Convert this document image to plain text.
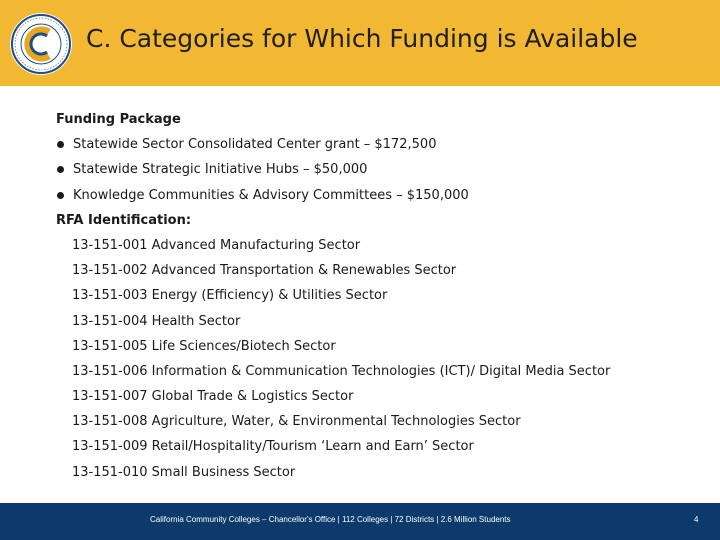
C. Categories for Which Funding is Available
Funding Package
Statewide Sector Consolidated Center grant – $172,500
Statewide Strategic Initiative Hubs – $50,000
Knowledge Communities & Advisory Committees – $150,000
RFA Identification:
13-151-001 Advanced Manufacturing Sector
13-151-002 Advanced Transportation & Renewables Sector
13-151-003 Energy (Efficiency) & Utilities Sector
13-151-004 Health Sector
13-151-005 Life Sciences/Biotech Sector
13-151-006 Information & Communication Technologies (ICT)/ Digital Media Sector
13-151-007 Global Trade & Logistics Sector
13-151-008 Agriculture, Water, & Environmental Technologies Sector
13-151-009 Retail/Hospitality/Tourism ‘Learn and Earn’ Sector
13-151-010 Small Business Sector
California Community Colleges – Chancellor's Office | 112 Colleges | 72 Districts | 2.6 Million Students	4
